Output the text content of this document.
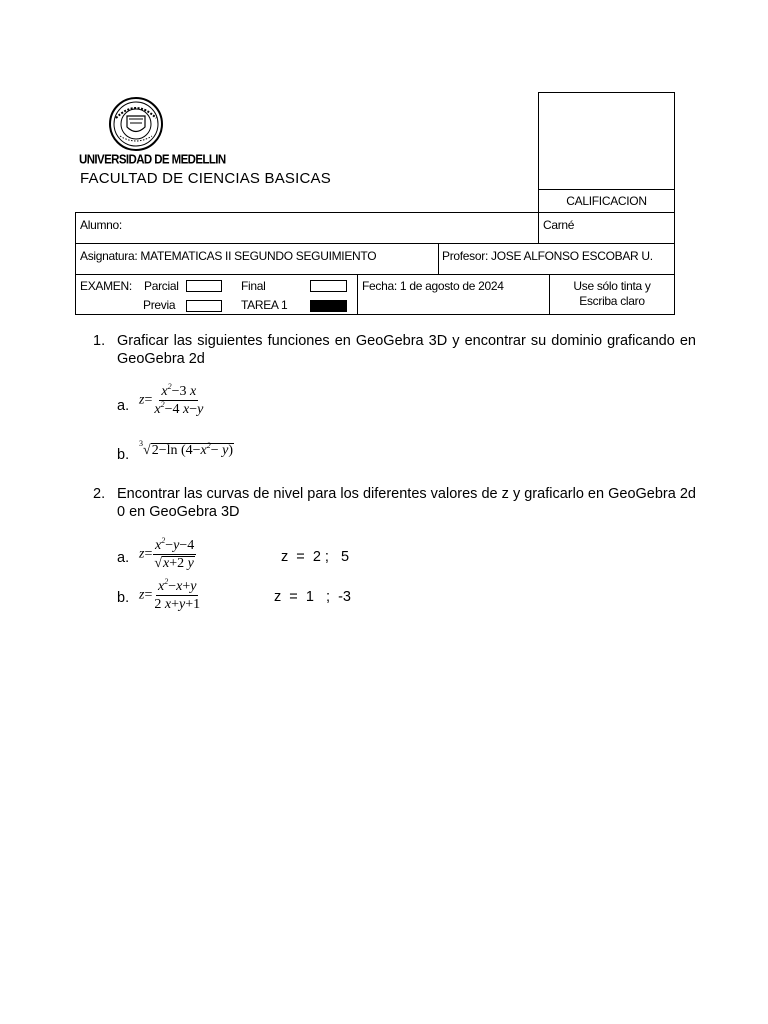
UNIVERSIDAD DE MEDELLIN
FACULTAD DE CIENCIAS BASICAS
CALIFICACION
Alumno:	Carné
Asignatura: MATEMATICAS II SEGUNDO SEGUIMIENTO	Profesor: JOSE ALFONSO ESCOBAR U.
EXAMEN: Parcial	Final
Previa	TAREA 1
Fecha: 1 de agosto de 2024	Use sólo tinta y Escriba claro
1. Graficar las siguientes funciones en GeoGebra 3D y encontrar su dominio graficando en GeoGebra 2d
a. $z= \frac{x^2-3 x}{x^2-4 x-y}$
b.
$^3$√2−ln $(4-x^2- y)$
2. Encontrar las curvas de nivel para los diferentes valores de z y graficarlo en GeoGebra 2d 0 en GeoGebra 3D
a. $z= \frac{x^2-y-4}{√x+2 y}$	z  =  2 ;   5
b. $z= \frac{x^2-x+y}{2 x+y+1}$	z  =  1   ;  -3
